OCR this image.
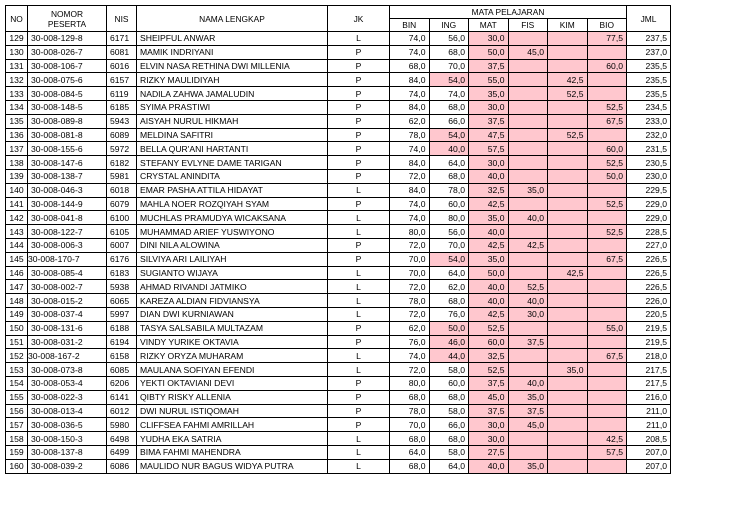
NO	NOMOR PESERTA	NIS	NAMA LENGKAP	JK	MATA PELAJARAN						JML
					BIN	ING	MAT	FIS	KIM	BIO	
129	30-008-129-8	6171	SHEIPFUL ANWAR	L	74,0	56,0	30,0			77,5	237,5
130	30-008-026-7	6081	MAMIK INDRIYANI	P	74,0	68,0	50,0	45,0			237,0
131	30-008-106-7	6016	ELVIN NASA RETHINA DWI MILLENIA	P	68,0	70,0	37,5			60,0	235,5
132	30-008-075-6	6157	RIZKY MAULIDIYAH	P	84,0	54,0	55,0		42,5		235,5
133	30-008-084-5	6119	NADILA ZAHWA JAMALUDIN	P	74,0	74,0	35,0		52,5		235,5
134	30-008-148-5	6185	SYIMA PRASTIWI	P	84,0	68,0	30,0			52,5	234,5
135	30-008-089-8	5943	AISYAH NURUL HIKMAH	P	62,0	66,0	37,5			67,5	233,0
136	30-008-081-8	6089	MELDINA SAFITRI	P	78,0	54,0	47,5		52,5		232,0
137	30-008-155-6	5972	BELLA QUR'ANI HARTANTI	P	74,0	40,0	57,5			60,0	231,5
138	30-008-147-6	6182	STEFANY EVLYNE DAME TARIGAN	P	84,0	64,0	30,0			52,5	230,5
139	30-008-138-7	5981	CRYSTAL ANINDITA	P	72,0	68,0	40,0			50,0	230,0
140	30-008-046-3	6018	EMAR PASHA ATTILA HIDAYAT	L	84,0	78,0	32,5	35,0			229,5
141	30-008-144-9	6079	MAHLA NOER ROZQIYAH SYAM	P	74,0	60,0	42,5			52,5	229,0
142	30-008-041-8	6100	MUCHLAS PRAMUDYA WICAKSANA	L	74,0	80,0	35,0	40,0			229,0
143	30-008-122-7	6105	MUHAMMAD ARIEF YUSWIYONO	L	80,0	56,0	40,0			52,5	228,5
144	30-008-006-3	6007	DINI NILA ALOWINA	P	72,0	70,0	42,5	42,5			227,0
145	30-008-170-7	6176	SILVIYA ARI LAILIYAH	P	70,0	54,0	35,0			67,5	226,5
146	30-008-085-4	6183	SUGIANTO WIJAYA	L	70,0	64,0	50,0		42,5		226,5
147	30-008-002-7	5938	AHMAD RIVANDI JATMIKO	L	72,0	62,0	40,0	52,5			226,5
148	30-008-015-2	6065	KAREZA ALDIAN FIDVIANSYA	L	78,0	68,0	40,0	40,0			226,0
149	30-008-037-4	5997	DIAN DWI KURNIAWAN	L	72,0	76,0	42,5	30,0			220,5
150	30-008-131-6	6188	TASYA SALSABILA MULTAZAM	P	62,0	50,0	52,5			55,0	219,5
151	30-008-031-2	6194	VINDY YURIKE OKTAVIA	P	76,0	46,0	60,0	37,5			219,5
152	30-008-167-2	6158	RIZKY ORYZA MUHARAM	L	74,0	44,0	32,5			67,5	218,0
153	30-008-073-8	6085	MAULANA SOFIYAN EFENDI	L	72,0	58,0	52,5		35,0		217,5
154	30-008-053-4	6206	YEKTI OKTAVIANI DEVI	P	80,0	60,0	37,5	40,0			217,5
155	30-008-022-3	6141	QIBTY RISKY ALLENIA	P	68,0	68,0	45,0	35,0			216,0
156	30-008-013-4	6012	DWI NURUL ISTIQOMAH	P	78,0	58,0	37,5	37,5			211,0
157	30-008-036-5	5980	CLIFFSEA FAHMI AMRILLAH	P	70,0	66,0	30,0	45,0			211,0
158	30-008-150-3	6498	YUDHA EKA SATRIA	L	68,0	68,0	30,0			42,5	208,5
159	30-008-137-8	6499	BIMA FAHMI MAHENDRA	L	64,0	58,0	27,5			57,5	207,0
160	30-008-039-2	6086	MAULIDO NUR BAGUS WIDYA PUTRA	L	68,0	64,0	40,0	35,0			207,0
